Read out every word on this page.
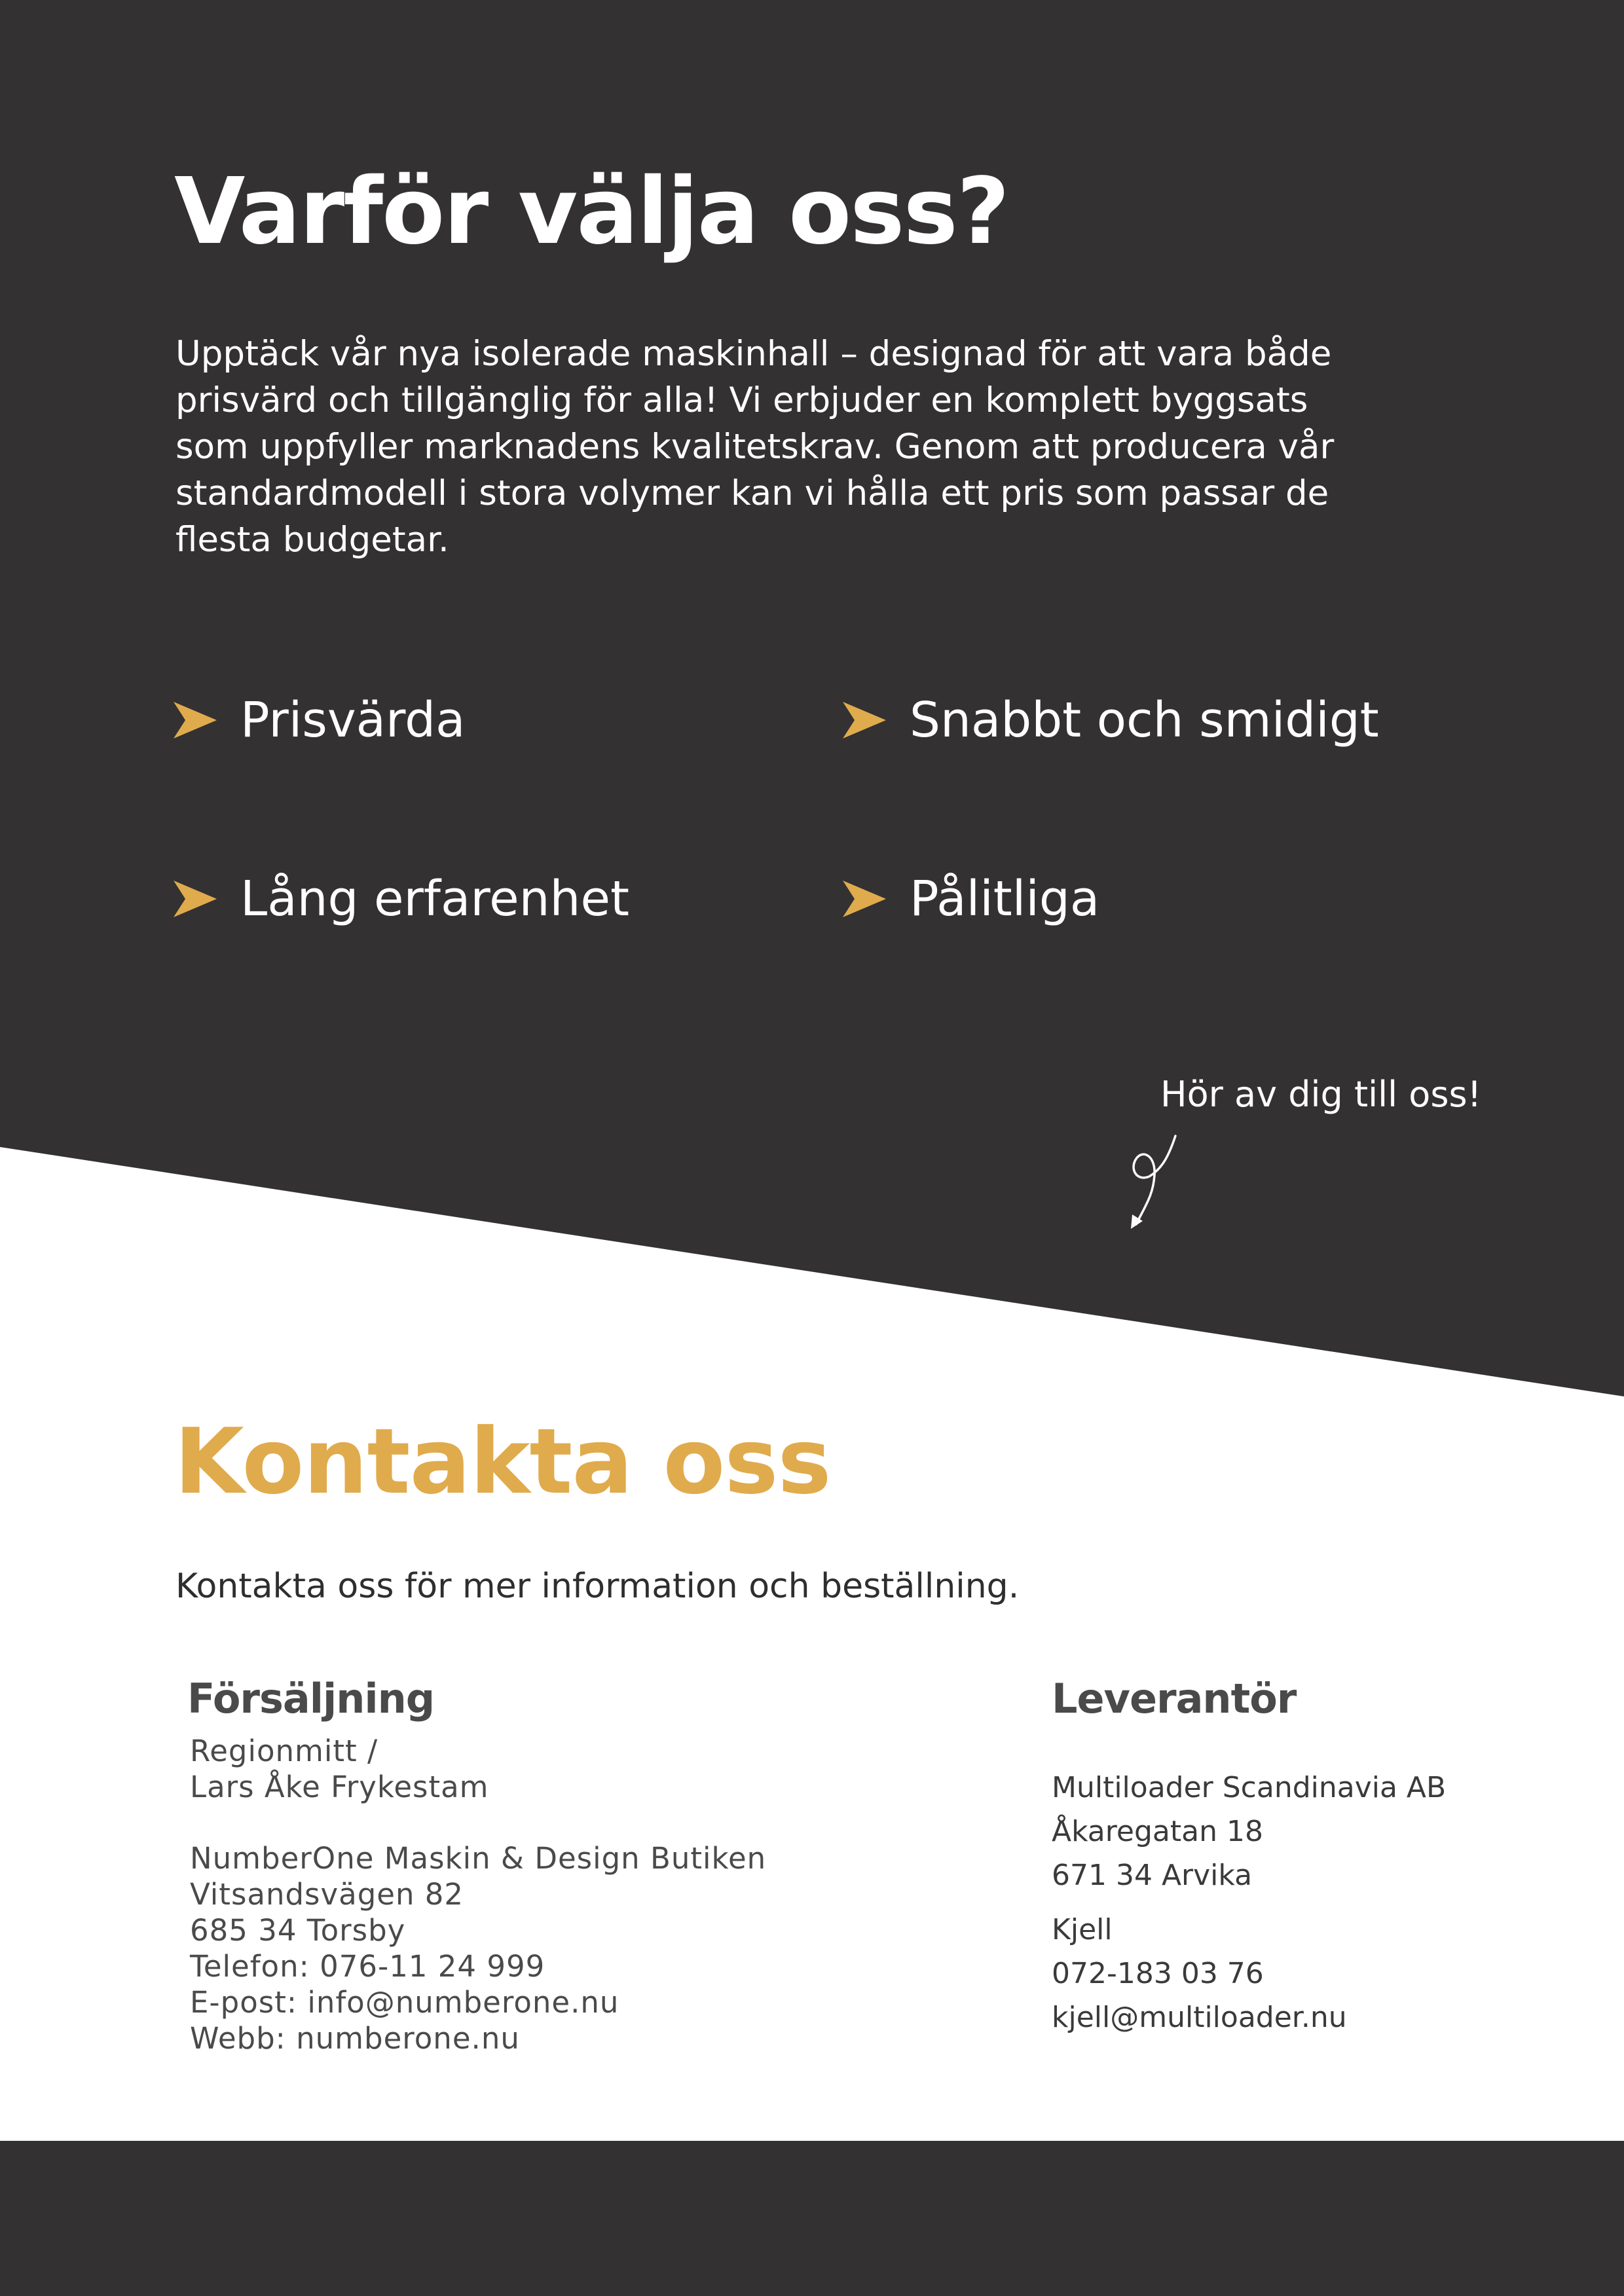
Varför välja oss?

Upptäck vår nya isolerade maskinhall – designad för att vara både prisvärd och tillgänglig för alla! Vi erbjuder en komplett byggsats som uppfyller marknadens kvalitetskrav. Genom att producera vår standardmodell i stora volymer kan vi hålla ett pris som passar de flesta budgetar.

Prisvärda	Snabbt och smidigt
Lång erfarenhet	Pålitliga
Hör av dig till oss!
Kontakta oss

Kontakta oss för mer information och beställning.

Försäljning

Regionmitt /

Lars Åke Frykestam

NumberOne Maskin & Design Butiken

Vitsandsvägen 82

685 34 Torsby

Telefon: 076-11 24 999

E-post: info@numberone.nu

Webb: numberone.nu

Leverantör

Multiloader Scandinavia AB

Åkaregatan 18

671 34 Arvika

Kjell

072-183 03 76

kjell@multiloader.nu
